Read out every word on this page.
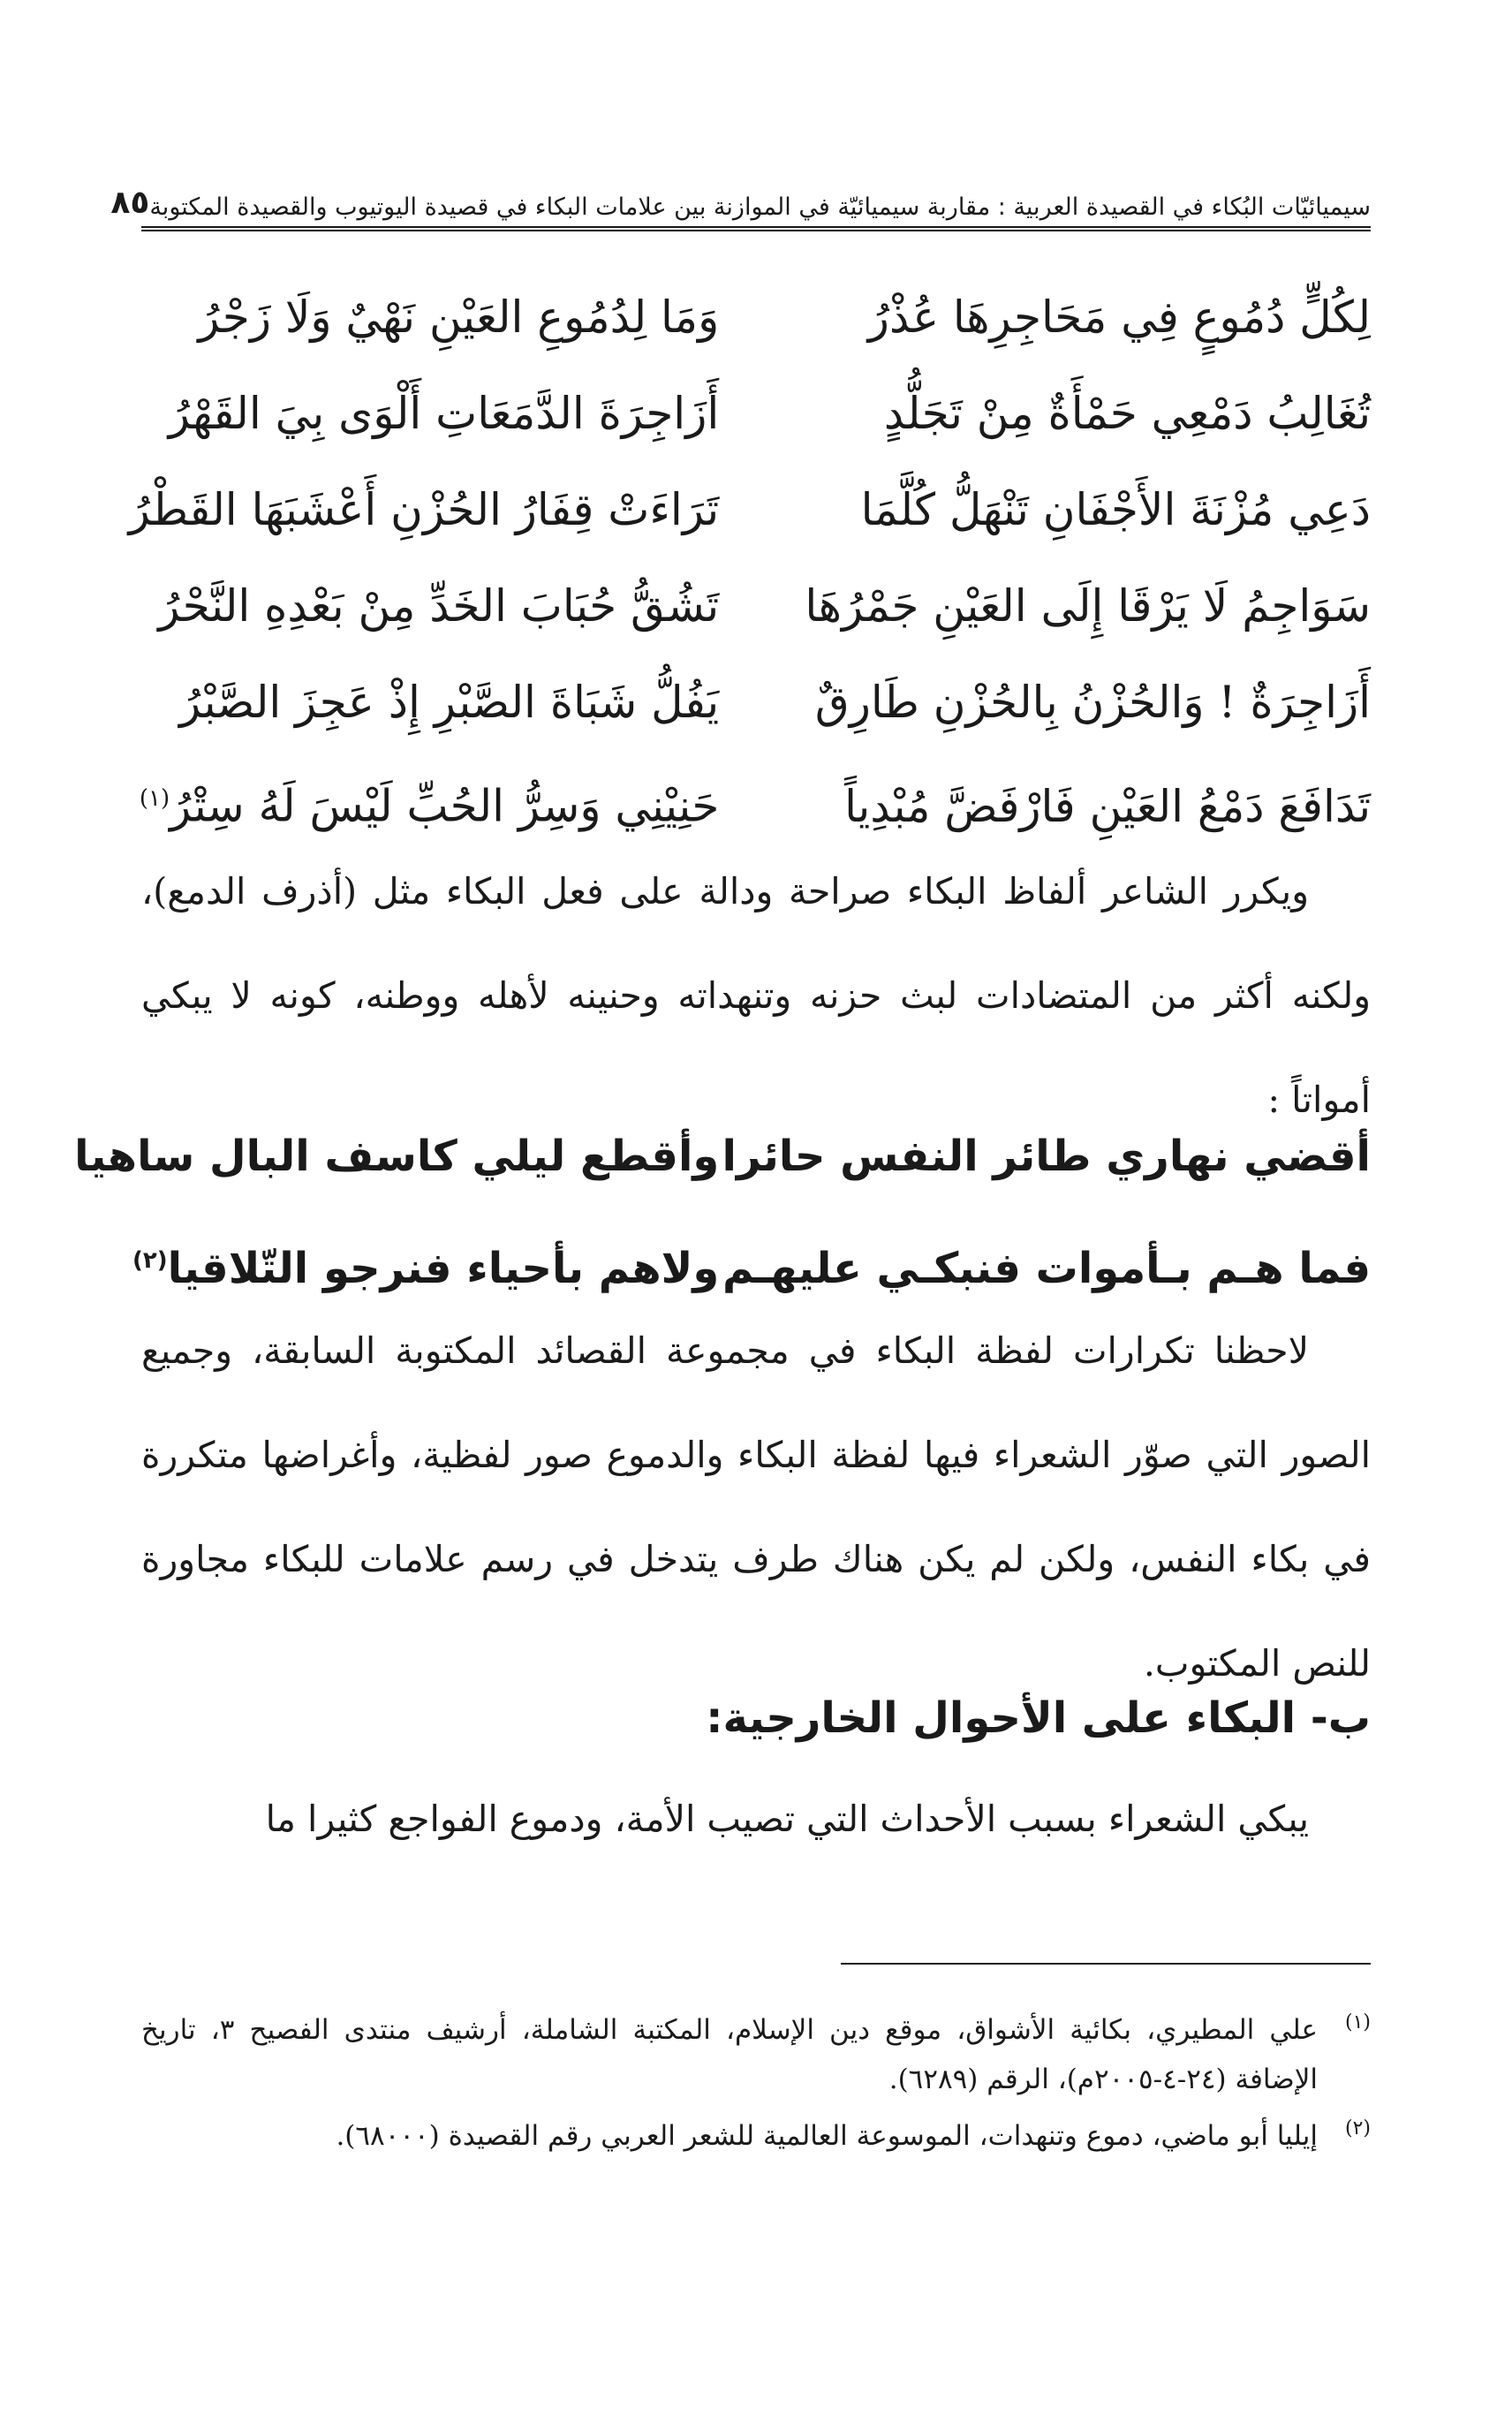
سيميائيّات البُكاء في القصيدة العربية : مقاربة سيميائيّة في الموازنة بين علامات البكاء في قصيدة اليوتيوب والقصيدة المكتوبة
٨٥
لِكُلٍّ دُمُوعٍ فِي مَحَاجِرِهَا عُذْرُ
وَمَا لِدُمُوعِ العَيْنِ نَهْيٌ وَلَا زَجْرُ
تُغَالِبُ دَمْعِي حَمْأَةٌ مِنْ تَجَلُّدٍ
أَزَاجِرَةَ الدَّمَعَاتِ أَلْوَى بِيَ القَهْرُ
دَعِي مُزْنَةَ الأَجْفَانِ تَنْهَلُّ كُلَّمَا
تَرَاءَتْ قِفَارُ الحُزْنِ أَعْشَبَهَا القَطْرُ
سَوَاجِمُ لَا يَرْقَا إِلَى العَيْنِ جَمْرُهَا
تَشُقُّ حُبَابَ الخَدِّ مِنْ بَعْدِهِ النَّحْرُ
أَزَاجِرَةٌ ! وَالحُزْنُ بِالحُزْنِ طَارِقٌ
يَفُلُّ شَبَاةَ الصَّبْرِ إِذْ عَجِزَ الصَّبْرُ
تَدَافَعَ دَمْعُ العَيْنِ فَارْفَضَّ مُبْدِياً
حَنِيْنِي وَسِرُّ الحُبِّ لَيْسَ لَهُ سِتْرُ$^{(١)}$

ويكرر الشاعر ألفاظ البكاء صراحة ودالة على فعل البكاء مثل (أذرف الدمع)، ولكنه أكثر من المتضادات لبث حزنه وتنهداته وحنينه لأهله ووطنه، كونه لا يبكي أمواتاً :

أقضي نهاري طائر النفس حائرا
وأقطع ليلي كاسف البال ساهيا
فما هـم بـأموات فنبكـي عليهـم
ولاهم بأحياء فنرجو التّلاقيا$^{(٢)}$

لاحظنا تكرارات لفظة البكاء في مجموعة القصائد المكتوبة السابقة، وجميع الصور التي صوّر الشعراء فيها لفظة البكاء والدموع صور لفظية، وأغراضها متكررة في بكاء النفس، ولكن لم يكن هناك طرف يتدخل في رسم علامات للبكاء مجاورة للنص المكتوب.

ب- البكاء على الأحوال الخارجية:

يبكي الشعراء بسبب الأحداث التي تصيب الأمة، ودموع الفواجع كثيرا ما

(١)
علي المطيري، بكائية الأشواق، موقع دين الإسلام، المكتبة الشاملة، أرشيف منتدى الفصيح ٣، تاريخ الإضافة (٢٤-٤-٢٠٠٥م)، الرقم (٦٢٨٩).
(٢)
إيليا أبو ماضي، دموع وتنهدات، الموسوعة العالمية للشعر العربي رقم القصيدة (٦٨٠٠٠).
